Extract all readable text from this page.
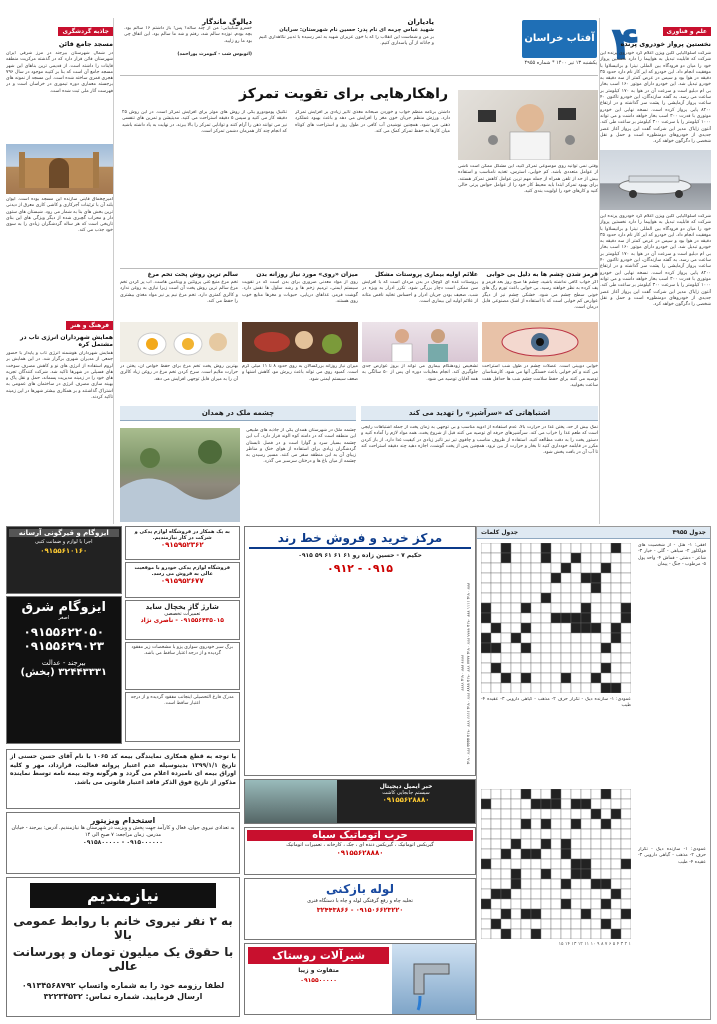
۴
آفتاب خراسان جنوبی
یکشنبه ۱۳ تیر ۱۴۰۰ * شماره ۴۹۵۵
یادیاران
شهید عباس چرمه ای نام پدر: حسین نام شهرستان: سرایان
بر من و شماست این انقلاب را که با خون عزیزان شهید به ثمر رسیده با تدبیر نگاهداری کنیم و جانانه از آن پاسداری کنیم.
دیالوگ ماندگار
خسرو شکیبایی: من از چند ساله؟ پس! باز داشتم ۱۶ سالم بود. بچه بودم. نوزده سالم شد، رفتم و شد ما سالم بود. این اتفاق چی بود ما رو زایید.
(اتوبوس شب - کیومرث پوراحمد)
علم و فناوری
نخستین پرواز خودروی پرنده
شرکت اسلواکیایی کلین ویژن اعلام کرد خودروی پرنده این شرکت که قابلیت تبدیل به هواپیما را دارد نخستین پرواز خود را میان دو فرودگاه بین المللی نیترا و براتیسلاوا با موفقیت انجام داد. این خودرو که ایر کار نام دارد حدود ۳۵ دقیقه در هوا بود و سپس در عرض کمتر از سه دقیقه به خودرو تبدیل شد. این خودرو دارای موتور ۱۶۰ اسب بخار بی ام دبلیو است و سرعت آن در هوا به ۱۷۰ کیلومتر بر ساعت می رسد. به گفته سازندگان، این خودرو تاکنون ۴۰ ساعت پرواز آزمایشی را پشت سر گذاشته و در ارتفاع ۸۲۰۰ پایی پرواز کرده است. نسخه نهایی این خودرو موتوری با قدرت ۳۰۰ اسب بخار خواهد داشت و می تواند ۱۰۰۰ کیلومتر را با سرعت ۳۰۰ کیلومتر بر ساعت طی کند. آنتون زایاک مدیر این شرکت گفت این پرواز آغاز عصر جدیدی از خودروهای دومنظوره است و حمل و نقل شخصی را دگرگون خواهد کرد.
شرکت اسلواکیایی کلین ویژن اعلام کرد خودروی پرنده این شرکت که قابلیت تبدیل به هواپیما را دارد نخستین پرواز خود را میان دو فرودگاه بین المللی نیترا و براتیسلاوا با موفقیت انجام داد. این خودرو که ایر کار نام دارد حدود ۳۵ دقیقه در هوا بود و سپس در عرض کمتر از سه دقیقه به خودرو تبدیل شد. این خودرو دارای موتور ۱۶۰ اسب بخار بی ام دبلیو است و سرعت آن در هوا به ۱۷۰ کیلومتر بر ساعت می رسد. به گفته سازندگان، این خودرو تاکنون ۴۰ ساعت پرواز آزمایشی را پشت سر گذاشته و در ارتفاع ۸۲۰۰ پایی پرواز کرده است. نسخه نهایی این خودرو موتوری با قدرت ۳۰۰ اسب بخار خواهد داشت و می تواند ۱۰۰۰ کیلومتر را با سرعت ۳۰۰ کیلومتر بر ساعت طی کند. آنتون زایاک مدیر این شرکت گفت این پرواز آغاز عصر جدیدی از خودروهای دومنظوره است و حمل و نقل شخصی را دگرگون خواهد کرد.
جاذبه گردشگری
مسجد جامع قائن
در شمال شهرستان بیرجند در مرز شرقی ایران شهرستان قائن قرار دارد که در گذشته مرکزیت منطقه قاینات را داشته است. از قدیمی ترین بناهای این شهر مسجد جامع آن است که بنا بر کتیبه موجود در سال ۷۹۶ هجری قمری ساخته شده است. این مسجد از نمونه های برجسته معماری دوره تیموری در خراسان است و در فهرست آثار ملی ثبت شده است.
امیرچخماق قاینی سازنده این مسجد بوده است. ایوان بلند آن با تزئینات آجرکاری و کاشی کاری معرق از دیدنی ترین بخش های بنا به شمار می رود. شبستان های ستون دار و محراب گچبری شده از دیگر ویژگی های این بنای تاریخی است که هر ساله گردشگران زیادی را به سوی خود جذب می کند.
فرهنگ و هنر
همایش شهرداران انرژی تاب در مشتمل کره
همایش شهرداران هوشمند انرژی تاب و پایدار با حضور جمعی از مدیران شهری برگزار شد. در این همایش بر لزوم استفاده از انرژی های نو و کاهش مصرف سوخت های فسیلی در شهرها تاکید شد. شرکت کنندگان تجربه های خود را در زمینه مدیریت پسماند، حمل و نقل پاک و بهینه سازی مصرف انرژی در ساختمان های عمومی به اشتراک گذاشتند و بر همکاری بیشتر شهرها در این زمینه تاکید کردند.
راهکارهایی برای تقویت تمرکز
وقتی نمی توانید روی موضوعی تمرکز کنید، این مشکل ممکن است ناشی از عوامل متعددی باشد. کم خوابی، استرس، تغذیه نامناسب و استفاده بیش از حد از تلفن همراه از جمله مهم ترین عوامل کاهش تمرکز هستند. برای بهبود تمرکز ابتدا باید محیط کار خود را از عوامل حواس پرتی خالی کنید و کارهای خود را اولویت بندی کنید.
داشتن برنامه منظم خواب و خوردن صبحانه مغذی تاثیر زیادی بر افزایش تمرکز دارد. ورزش منظم جریان خون مغز را افزایش می دهد و باعث بهبود عملکرد ذهنی می شود. همچنین نوشیدن آب کافی در طول روز و استراحت های کوتاه میان کارها به حفظ تمرکز کمک می کند.
تکنیک پومودورو یکی از روش های موثر برای افزایش تمرکز است. در این روش ۲۵ دقیقه کار می کنید و سپس ۵ دقیقه استراحت می کنید. مدیتیشن و تمرین های تنفسی نیز می توانند ذهن را آرام کنند و توانایی تمرکز را بالا ببرند. در نهایت به یاد داشته باشید که انجام چند کار همزمان دشمن تمرکز است.
قرمز شدن چشم ها به دلیل بی خوابی
اگر خواب کافی نداشته باشید، چشم ها صبح روز بعد قرمز و پف کرده به نظر خواهند رسید. بی خوابی باعث تورم رگ های خونی سطح چشم می شود. خشکی چشم نیز از دیگر عوارض کم خوابی است که با استفاده از اشک مصنوعی قابل درمان است.
خوابی دوبینی است. عضلات چشم در طول شب استراحت می کنند و کم خوابی باعث خستگی آنها می شود. کارشناسان توصیه می کنند برای حفظ سلامت چشم شب ها حداقل هفت ساعت بخوابید.
علائم اولیه بیماری پروستات مشکل
پروستات غده ای کوچک در بدن مردان است که با افزایش سن ممکن است دچار بزرگی شود. تکرر ادرار به ویژه در شب، ضعیف بودن جریان ادرار و احساس تخلیه ناقص مثانه از علائم اولیه این بیماری است.
تشخیص زودهنگام بیماری می تواند از بروز عوارض جدی جلوگیری کند. انجام معاینات دوره ای پس از ۵۰ سالگی به همه آقایان توصیه می شود.
میزان «روی» مورد نیاز روزانه بدن
روی از مواد معدنی ضروری برای بدن است که در تقویت سیستم ایمنی، ترمیم زخم ها و رشد سلول ها نقش دارد. گوشت قرمز، غذاهای دریایی، حبوبات و مغزها منابع خوب روی هستند.
میزان نیاز روزانه بزرگسالان به روی حدود ۸ تا ۱۱ میلی گرم است. کمبود روی می تواند باعث ریزش مو، کاهش اشتها و ضعف سیستم ایمنی شود.
سالم ترین روش پخت تخم مرغ
تخم مرغ منبع غنی پروتئین و ویتامین هاست. آب پز کردن تخم مرغ سالم ترین روش پخت آن است زیرا نیازی به روغن ندارد و کالری کمتری دارد. تخم مرغ نیم پز نیز مواد مغذی بیشتری را حفظ می کند.
بهترین روش پخت تخم مرغ برای حفظ خواص آن، پختن در حرارت ملایم است. سرخ کردن تخم مرغ در روغن زیاد کالری آن را به میزان قابل توجهی افزایش می دهد.
اشتباهاتی که «سرآشپز» را تهدید می کند
نمک بیش از حد، پختن غذا در حرارت بالا، عدم استفاده از ادویه مناسب و بی توجهی به زمان پخت از جمله اشتباهات رایجی است که طعم غذا را خراب می کند. سرآشپزهای حرفه ای توصیه می کنند قبل از شروع پخت، همه مواد لازم را آماده کنید و دستور پخت را به دقت مطالعه کنید. استفاده از ظروف مناسب و چاقوی تیز نیز تاثیر زیادی در کیفیت غذا دارد. از باز کردن مکرر در قابلمه خودداری کنید تا بخار و حرارت از بین نرود. همچنین پس از پخت گوشت، اجازه دهید چند دقیقه استراحت کند تا آب آن در بافت پخش شود.
چشمه ملک در همدان
چشمه ملک در شهرستان همدان یکی از جاذبه های طبیعی این منطقه است که در دامنه کوه الوند قرار دارد. آب این چشمه بسیار سرد و گوارا است و در فصل تابستان گردشگران زیادی برای استفاده از هوای خنک و مناظر زیبای آن به این منطقه سفر می کنند. مسیر رسیدن به چشمه از میان باغ ها و درختان سرسبز می گذرد.
جدول ۴۹۵۵
جدول کلمات
افقی: ۱- هتل - از شخصیت های فولکلور ۲- سیاهی - گلی - خیار ۳- شاعر - دشتی - قماش ۴- واحد پول ۵- مرطوب - جنگ - پیمان
عمودی: ۱- سازنده دیگ - تکرار حرف ۲- مذهب - گیاهی دارویی ۳- عقیده ۴- طیب
عمودی: ۱- سازنده دیگ - تکرار حرف ۲- مذهب - گیاهی دارویی ۳- عقیده ۴- طیب
۱ ۲ ۳ ۴ ۵ ۶ ۷ ۸ ۹ ۱۰ ۱۱ ۱۲ ۱۳ ۱۴ ۱۵
مرکز خرید و فروش خط رند
حکیم ۷ - حسین زاده رو ۶۱ ۶۱ ۶۱ ۵۹ ۰۹۱۵
۰۹۱۵ - ۰۹۱۲
۰۹۱۵ ۲۲۲ ۵۵۵۵ ۰۹۱۵ ۲۲۲ ۶۶۶۶ ۰۹۱۵ ۲۲۲ ۷۷۷۷ ۰۹۱۵ ۲۲۲ ۸۸۸۸ ۰۹۱۵ ۲۲۲ ۹۹۹۹ ۰۹۱۵ ۳۳۳ ۱۱۱۱ ۰۹۱۵ ۳۳۳ ۲۲۲۲ ۰۹۱۵ ۳۳۳ ۴۴۴۴
خبر ایمیل دیجیتال
سیستم جابجایی کاشت
۰۹۱۵۵۶۲۸۸۸۰
حرب اتوماتیک سیاه
گیربکس اتوماتیک ، گیربکس دنده ای ، جک ، کارخانه ، تعمیرات اتوماتیک
۰۹۱۵۵۶۲۸۸۸۰
لوله بازکنی
تخلیه چاه و رفع گرفتگی لوله و چاه با دستگاه فنری
۰۹۱۵۰۶۶۲۳۲۲۰ - ۳۲۴۴۳۸۶۶
شیرآلات روستاک
متفاوت و زیبا
۰۹۱۵۵۰۰۰۰۰
به یک همکار در فروشگاه لوازم یدکی و شرکت در کار نیازمندیم.
۰۹۱۵۹۵۲۳۶۲
فروشگاه لوازم یدکی خودرو با موقعیت عالی به فروش می رسد.
۰۹۱۵۹۵۲۶۷۷
شارژ گاز یخچال ساید
تعمیرات تخصصی
۰۹۱۵۵۶۴۳۵۰۱۵ - ناصری نژاد
برگ سبز خودروی سواری پژو با مشخصات زیر مفقود گردیده و از درجه اعتبار ساقط می باشد.
مدرک فارغ التحصیلی اینجانب مفقود گردیده و از درجه اعتبار ساقط است.
ایزوگام و قیرگونی آرسانه
اجرا با لوازم و ضمانت کتبی
۰۹۱۵۵۶۱۰۱۶۰
ایزوگام شرق
اصغر
۰۹۱۵۵۶۲۲۰۵۰
۰۹۱۵۵۶۲۹۰۲۳
بیرجند - عدالت
۳۲۴۴۳۳۳۱ (بخش)
با توجه به قطع همکاری نمایندگی بیمه کد ۱۰۶۵ با نام آقای حسن حسنی از تاریخ ۱۳۹۹/۱/۱ بدینوسیله عدم اعتبار پروانه فعالیت، قرارداد، مهر و کلیه اوراق بیمه ای نامبرده اعلام می گردد و هرگونه وجه بیمه نامه توسط نماینده مذکور از تاریخ فوق الذکر فاقد اعتبار قانونی می باشد.
استخدام ویزیتور
به تعدادی نیروی جوان، فعال و کارآمد جهت پخش و ویزیت در شهرستان ها نیازمندیم. آدرس: بیرجند - خیابان مدرس. زمان مراجعه: ۷ صبح الی ۱۴
۰۹۱۵۰۰۰۰۰۰ - ۰۹۱۵۸۰۰۰۰۰
نیازمندیم
به ۲ نفر نیروی خانم با روابط عمومی بالا
با حقوق یک میلیون تومان و پورسانت عالی
لطفا رزومه خود را به شماره واتساپ ۰۹۱۳۴۵۶۸۷۹۲
ارسال فرمایید. شماره تماس: ۳۲۲۳۴۵۳۲
